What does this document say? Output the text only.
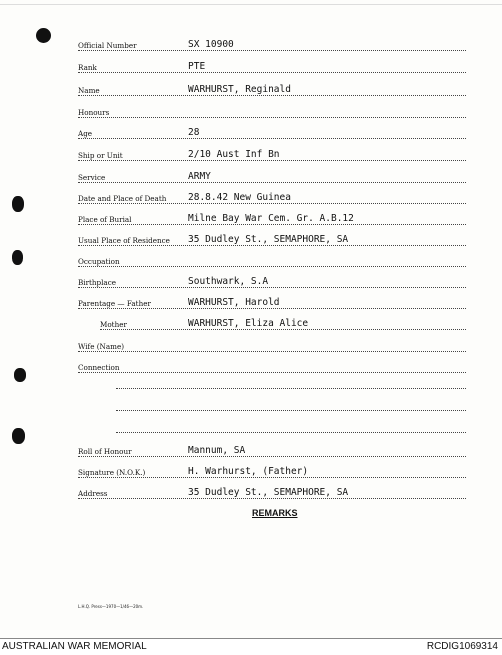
Official Number	SX 10900
Rank	PTE
Name	WARHURST, Reginald
Honours
Age	28
Ship or Unit	2/10 Aust Inf Bn
Service	ARMY
Date and Place of Death 28.8.42 New Guinea
Place of Burial	Milne Bay War Cem. Gr. A.B.12
Usual Place of Residence 35 Dudley St., SEMAPHORE, SA
Occupation
Birthplace	Southwark, S.A
Parentage — Father	WARHURST, Harold
Mother	WARHURST, Eliza Alice
Wife (Name)
Connection
Roll of Honour	Mannum, SA
Signature (N.O.K.)	H. Warhurst, (Father)
Address	35 Dudley St., SEMAPHORE, SA
REMARKS
L.H.Q. Press—1970—1/46—20m.
AUSTRALIAN WAR MEMORIAL	RCDIG1069314
